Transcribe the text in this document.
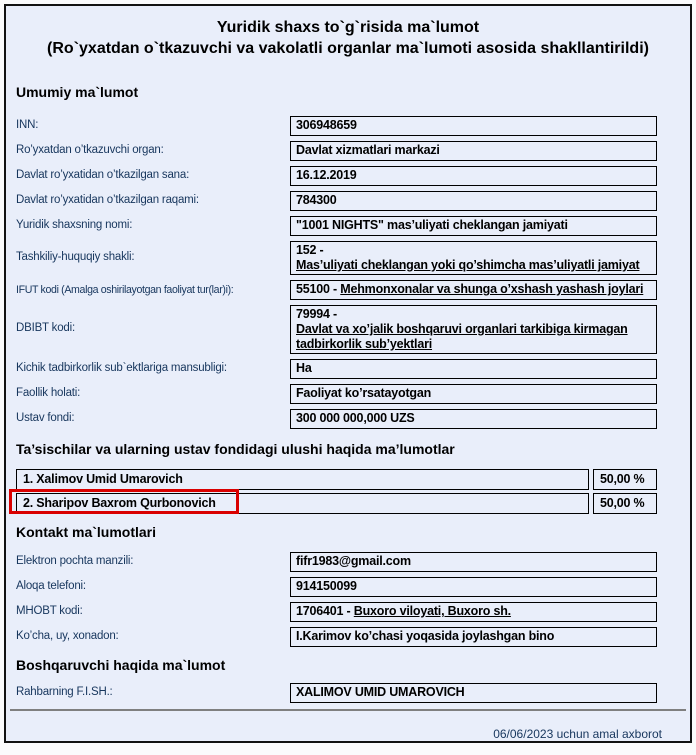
Yuridik shaxs to`g`risida ma`lumot
(Ro`yxatdan o`tkazuvchi va vakolatli organlar ma`lumoti asosida shakllantirildi)
Umumiy ma`lumot
INN:	306948659
Ro’yxatdan o’tkazuvchi organ:	Davlat xizmatlari markazi
Davlat ro’yxatidan o’tkazilgan sana:	16.12.2019
Davlat ro’yxatidan o’tkazilgan raqami:	784300
Yuridik shaxsning nomi:	"1001 NIGHTS" mas’uliyati cheklangan jamiyati
Tashkiliy-huquqiy shakli:
152 -
Mas’uliyati cheklangan yoki qo’shimcha mas’uliyatli jamiyat
IFUT kodi (Amalga oshirilayotgan faoliyat tur(lar)i):	55100 - Mehmonxonalar va shunga o’xshash yashash joylari
DBIBT kodi:
79994 -
Davlat va xo’jalik boshqaruvi organlari tarkibiga kirmagan tadbirkorlik sub’yektlari
Kichik tadbirkorlik sub`ektlariga mansubligi:	Ha
Faollik holati:	Faoliyat ko’rsatayotgan
Ustav fondi:	300 000 000,000 UZS
Ta’sischilar va ularning ustav fondidagi ulushi haqida ma’lumotlar
1. Xalimov Umid Umarovich	50,00 %
2. Sharipov Baxrom Qurbonovich	50,00 %
Kontakt ma`lumotlari
Elektron pochta manzili:	fifr1983@gmail.com
Aloqa telefoni:	914150099
MHOBT kodi:	1706401 - Buxoro viloyati, Buxoro sh.
Ko’cha, uy, xonadon:	I.Karimov ko’chasi yoqasida joylashgan bino
Boshqaruvchi haqida ma`lumot
Rahbarning F.I.SH.:	XALIMOV UMID UMAROVICH
06/06/2023 uchun amal axborot
